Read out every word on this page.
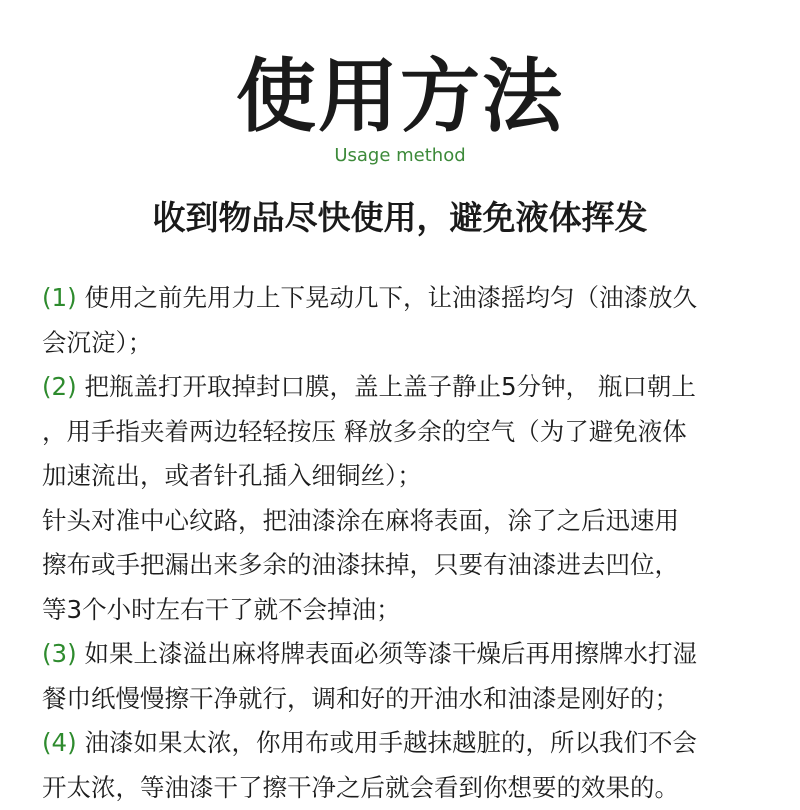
使用方法
Usage method
收到物品尽快使用，避免液体挥发
(1) 使用之前先用力上下晃动几下，让油漆摇均匀（油漆放久
会沉淀）；
(2) 把瓶盖打开取掉封口膜，盖上盖子静止5分钟， 瓶口朝上
，用手指夹着两边轻轻按压 释放多余的空气（为了避免液体
加速流出，或者针孔插入细铜丝）；
针头对准中心纹路，把油漆涂在麻将表面，涂了之后迅速用
擦布或手把漏出来多余的油漆抹掉，只要有油漆进去凹位，
等3个小时左右干了就不会掉油；
(3) 如果上漆溢出麻将牌表面必须等漆干燥后再用擦牌水打湿
餐巾纸慢慢擦干净就行，调和好的开油水和油漆是刚好的；
(4) 油漆如果太浓，你用布或用手越抹越脏的，所以我们不会
开太浓，等油漆干了擦干净之后就会看到你想要的效果的。
